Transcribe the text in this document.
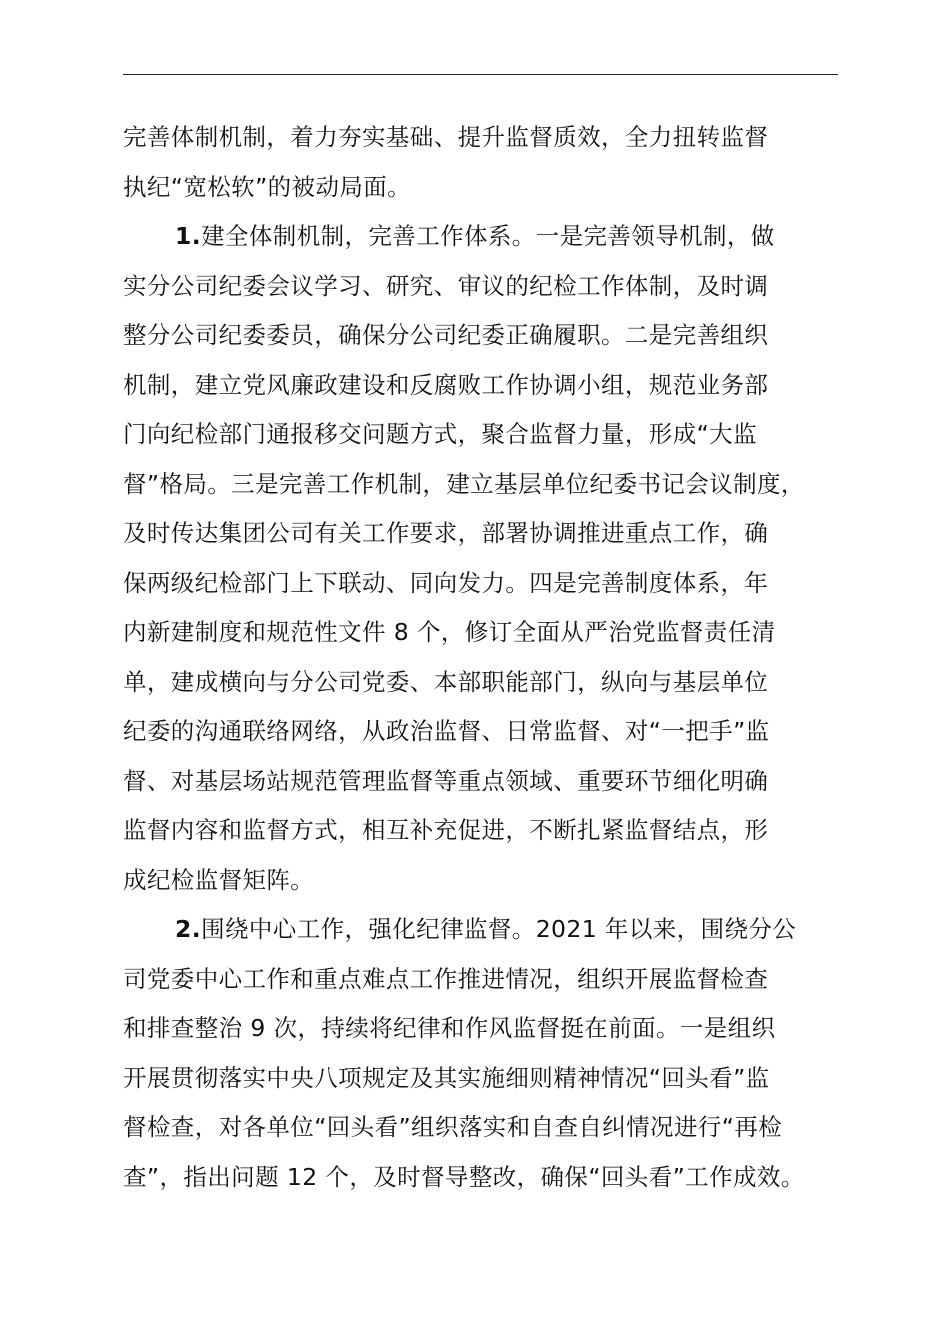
完善体制机制，着力夯实基础、提升监督质效，全力扭转监督
执纪“宽松软”的被动局面。
1.建全体制机制，完善工作体系。一是完善领导机制，做
实分公司纪委会议学习、研究、审议的纪检工作体制，及时调
整分公司纪委委员，确保分公司纪委正确履职。二是完善组织
机制，建立党风廉政建设和反腐败工作协调小组，规范业务部
门向纪检部门通报移交问题方式，聚合监督力量，形成“大监
督”格局。三是完善工作机制，建立基层单位纪委书记会议制度，
及时传达集团公司有关工作要求，部署协调推进重点工作，确
保两级纪检部门上下联动、同向发力。四是完善制度体系，年
内新建制度和规范性文件 8 个，修订全面从严治党监督责任清
单，建成横向与分公司党委、本部职能部门，纵向与基层单位
纪委的沟通联络网络，从政治监督、日常监督、对“一把手”监
督、对基层场站规范管理监督等重点领域、重要环节细化明确
监督内容和监督方式，相互补充促进，不断扎紧监督结点，形
成纪检监督矩阵。
2.围绕中心工作，强化纪律监督。2021 年以来，围绕分公
司党委中心工作和重点难点工作推进情况，组织开展监督检查
和排查整治 9 次，持续将纪律和作风监督挺在前面。一是组织
开展贯彻落实中央八项规定及其实施细则精神情况“回头看”监
督检查，对各单位“回头看”组织落实和自查自纠情况进行“再检
查”，指出问题 12 个，及时督导整改，确保“回头看”工作成效。
